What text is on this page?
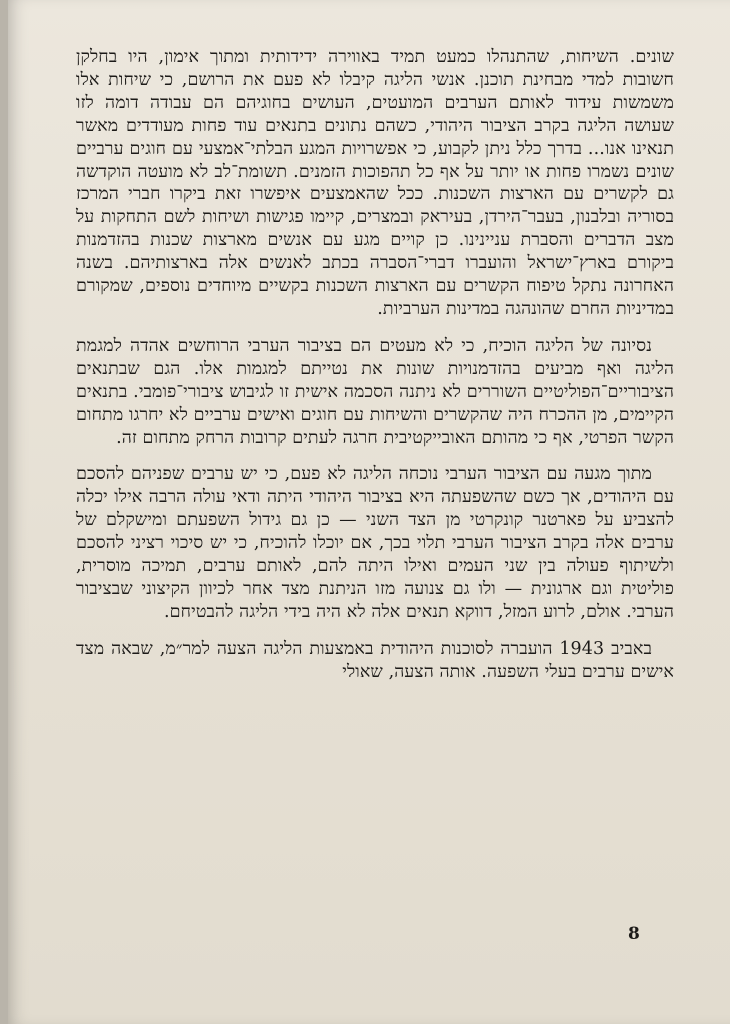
שונים. השיחות, שהתנהלו כמעט תמיד באווירה ידידותית ומתוך אימון, היו בחלקן חשובות למדי מבחינת תוכנן. אנשי הליגה קיבלו לא פעם את הרושם, כי שיחות אלו משמשות עידוד לאותם הערבים המועטים, העושים בחוגיהם הם עבודה דומה לזו שעושה הליגה בקרב הציבור היהודי, כשהם נתונים בתנאים עוד פחות מעודדים מאשר תנאינו אנו... בדרך כלל ניתן לקבוע, כי אפשרויות המגע הבלתי־אמצעי עם חוגים ערביים שונים נשמרו פחות או יותר על אף כל תהפוכות הזמנים. תשומת־לב לא מועטה הוקדשה גם לקשרים עם הארצות השכנות. ככל שהאמצעים איפשרו זאת ביקרו חברי המרכז בסוריה ובלבנון, בעבר־הירדן, בעיראק ובמצרים, קיימו פגישות ושיחות לשם התחקות על מצב הדברים והסברת עניינינו. כן קויים מגע עם אנשים מארצות שכנות בהזדמנות ביקורם בארץ־ישראל והועברו דברי־הסברה בכתב לאנשים אלה בארצותיהם. בשנה האחרונה נתקל טיפוח הקשרים עם הארצות השכנות בקשיים מיוחדים נוספים, שמקורם במדיניות החרם שהונהגה במדינות הערביות.

נסיונה של הליגה הוכיח, כי לא מעטים הם בציבור הערבי הרוחשים אהדה למגמת הליגה ואף מביעים בהזדמנויות שונות את נטייתם למגמות אלו. הגם שבתנאים הציבוריים־הפוליטיים השוררים לא ניתנה הסכמה אישית זו לגיבוש ציבורי־פומבי. בתנאים הקיימים, מן ההכרח היה שהקשרים והשיחות עם חוגים ואישים ערביים לא יחרגו מתחום הקשר הפרטי, אף כי מהותם האובייקטיבית חרגה לעתים קרובות הרחק מתחום זה.

מתוך מגעה עם הציבור הערבי נוכחה הליגה לא פעם, כי יש ערבים שפניהם להסכם עם היהודים, אך כשם שהשפעתה היא בציבור היהודי היתה ודאי עולה הרבה אילו יכלה להצביע על פארטנר קונקרטי מן הצד השני — כן גם גידול השפעתם ומישקלם של ערבים אלה בקרב הציבור הערבי תלוי בכך, אם יוכלו להוכיח, כי יש סיכוי רציני להסכם ולשיתוף פעולה בין שני העמים ואילו היתה להם, לאותם ערבים, תמיכה מוסרית, פוליטית וגם ארגונית — ולו גם צנועה מזו הניתנת מצד אחר לכיוון הקיצוני שבציבור הערבי. אולם, לרוע המזל, דווקא תנאים אלה לא היה בידי הליגה להבטיחם.

באביב 1943 הועברה לסוכנות היהודית באמצעות הליגה הצעה למר״מ, שבאה מצד אישים ערבים בעלי השפעה. אותה הצעה, שאולי

8
